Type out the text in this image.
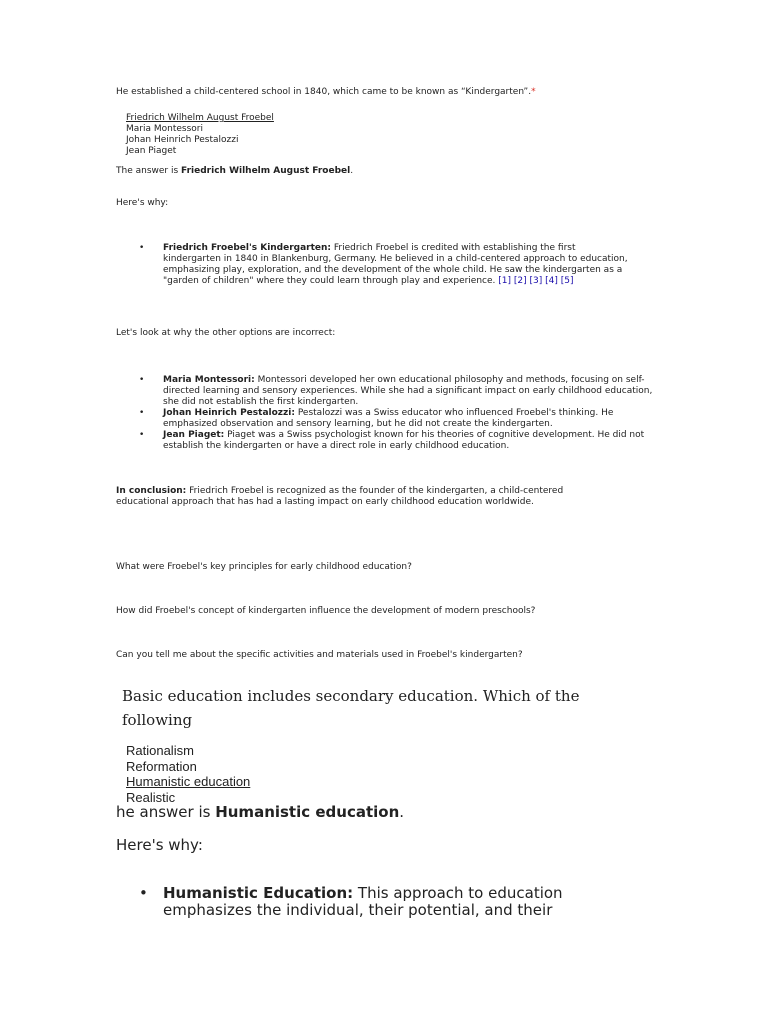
He established a child-centered school in 1840, which came to be known as “Kindergarten”.*
Friedrich Wilhelm August Froebel
Maria Montessori
Johan Heinrich Pestalozzi
Jean Piaget
The answer is Friedrich Wilhelm August Froebel.
Here's why:
• Friedrich Froebel's Kindergarten: Friedrich Froebel is credited with establishing the first kindergarten in 1840 in Blankenburg, Germany. He believed in a child-centered approach to education, emphasizing play, exploration, and the development of the whole child. He saw the kindergarten as a "garden of children" where they could learn through play and experience. [1] [2] [3] [4] [5]
Let's look at why the other options are incorrect:
• Maria Montessori: Montessori developed her own educational philosophy and methods, focusing on self-directed learning and sensory experiences. While she had a significant impact on early childhood education, she did not establish the first kindergarten.
• Johan Heinrich Pestalozzi: Pestalozzi was a Swiss educator who influenced Froebel's thinking. He emphasized observation and sensory learning, but he did not create the kindergarten.
• Jean Piaget: Piaget was a Swiss psychologist known for his theories of cognitive development. He did not establish the kindergarten or have a direct role in early childhood education.
In conclusion: Friedrich Froebel is recognized as the founder of the kindergarten, a child-centered educational approach that has had a lasting impact on early childhood education worldwide.
What were Froebel's key principles for early childhood education?
How did Froebel's concept of kindergarten influence the development of modern preschools?
Can you tell me about the specific activities and materials used in Froebel's kindergarten?
Basic education includes secondary education. Which of the following
Rationalism
Reformation
Humanistic education
Realistic
he answer is Humanistic education.
Here's why:
• Humanistic Education: This approach to education emphasizes the individual, their potential, and their
